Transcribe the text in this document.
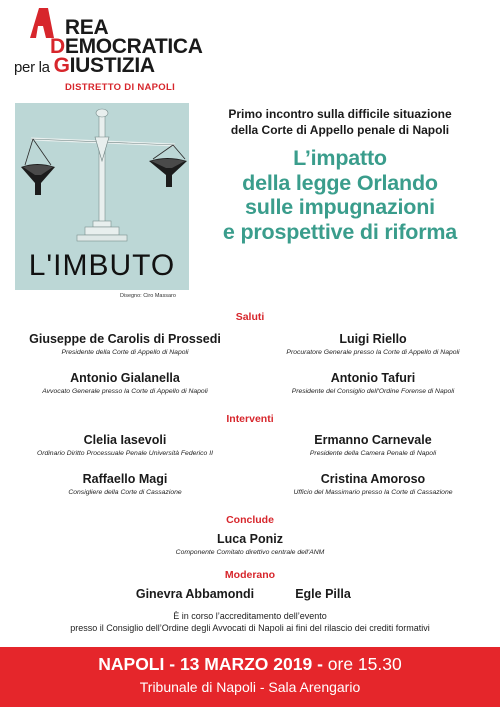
REA
DEMOCRATICA
per la GIUSTIZIA
DISTRETTO DI NAPOLI
L'IMBUTO
Disegno: Ciro Massaro
Primo incontro sulla difficile situazione
della Corte di Appello penale di Napoli
L’impatto
della legge Orlando
sulle impugnazioni
e prospettive di riforma
Saluti
Giuseppe de Carolis di Prossedi
Presidente della Corte di Appello di Napoli
Luigi Riello
Procuratore Generale presso la Corte di Appello di Napoli
Antonio Gialanella
Avvocato Generale presso la Corte di Appello di Napoli
Antonio Tafuri
Presidente del Consiglio dell'Ordine Forense di Napoli
Interventi
Clelia Iasevoli
Ordinario Diritto Processuale Penale Università Federico II
Ermanno Carnevale
Presidente della Camera Penale di Napoli
Raffaello Magi
Consigliere della Corte di Cassazione
Cristina Amoroso
Ufficio del Massimario presso la Corte di Cassazione
Conclude
Luca Poniz
Componente Comitato direttivo centrale dell'ANM
Moderano
Ginevra Abbamondi	Egle Pilla
È in corso l’accreditamento dell’evento
presso il Consiglio dell’Ordine degli Avvocati di Napoli ai fini del rilascio dei crediti formativi
NAPOLI - 13 MARZO 2019 - ore 15.30
Tribunale di Napoli - Sala Arengario
